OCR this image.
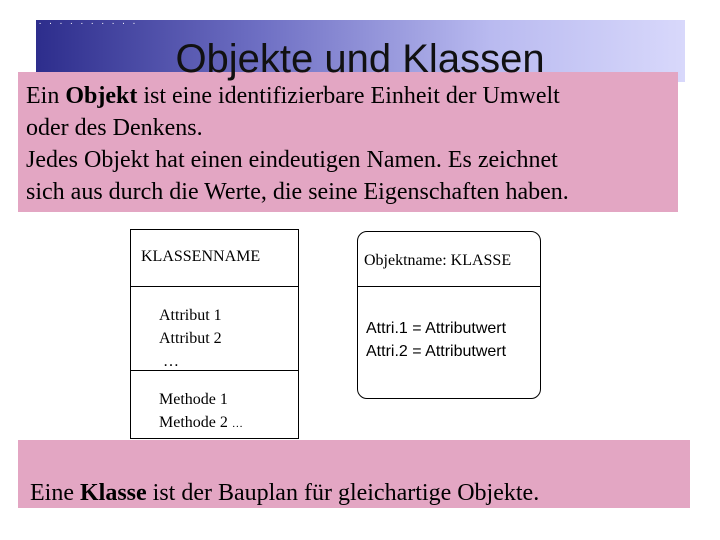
· · · · · · · · · ·
Objekte und Klassen
Ein Objekt ist eine identifizierbare Einheit der Umwelt
oder des Denkens.
Jedes Objekt hat einen eindeutigen Namen. Es zeichnet
sich aus durch die Werte, die seine Eigenschaften haben.
KLASSENNAME
Attribut 1
Attribut 2
…
Methode 1
Methode 2 …
Objektname: KLASSE
Attri.1 = Attributwert
Attri.2 = Attributwert
Eine Klasse ist der Bauplan für gleichartige Objekte.
